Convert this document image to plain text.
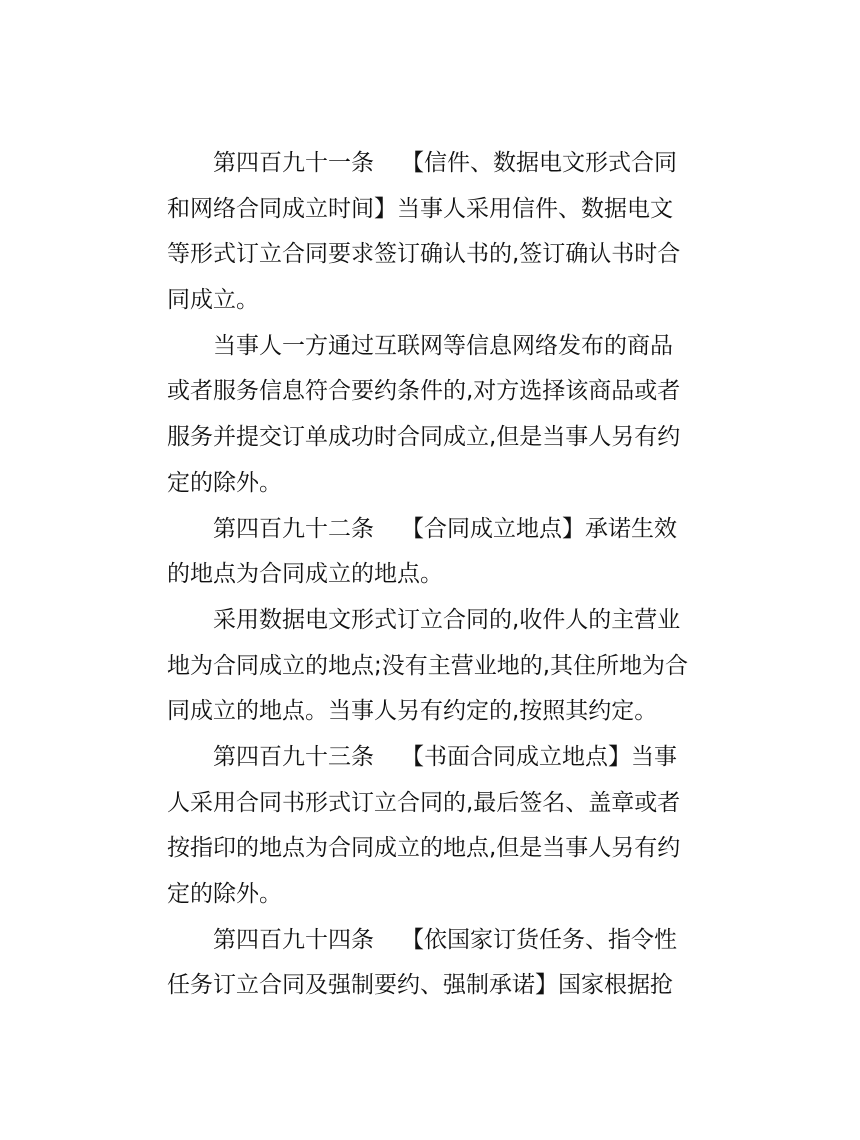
第四百九十一条 【信件、数据电文形式合同
和网络合同成立时间】当事人采用信件、数据电文
等形式订立合同要求签订确认书的,签订确认书时合
同成立。
当事人一方通过互联网等信息网络发布的商品
或者服务信息符合要约条件的,对方选择该商品或者
服务并提交订单成功时合同成立,但是当事人另有约
定的除外。
第四百九十二条 【合同成立地点】承诺生效
的地点为合同成立的地点。
采用数据电文形式订立合同的,收件人的主营业
地为合同成立的地点;没有主营业地的,其住所地为合
同成立的地点。当事人另有约定的,按照其约定。
第四百九十三条 【书面合同成立地点】当事
人采用合同书形式订立合同的,最后签名、盖章或者
按指印的地点为合同成立的地点,但是当事人另有约
定的除外。
第四百九十四条 【依国家订货任务、指令性
任务订立合同及强制要约、强制承诺】国家根据抢
